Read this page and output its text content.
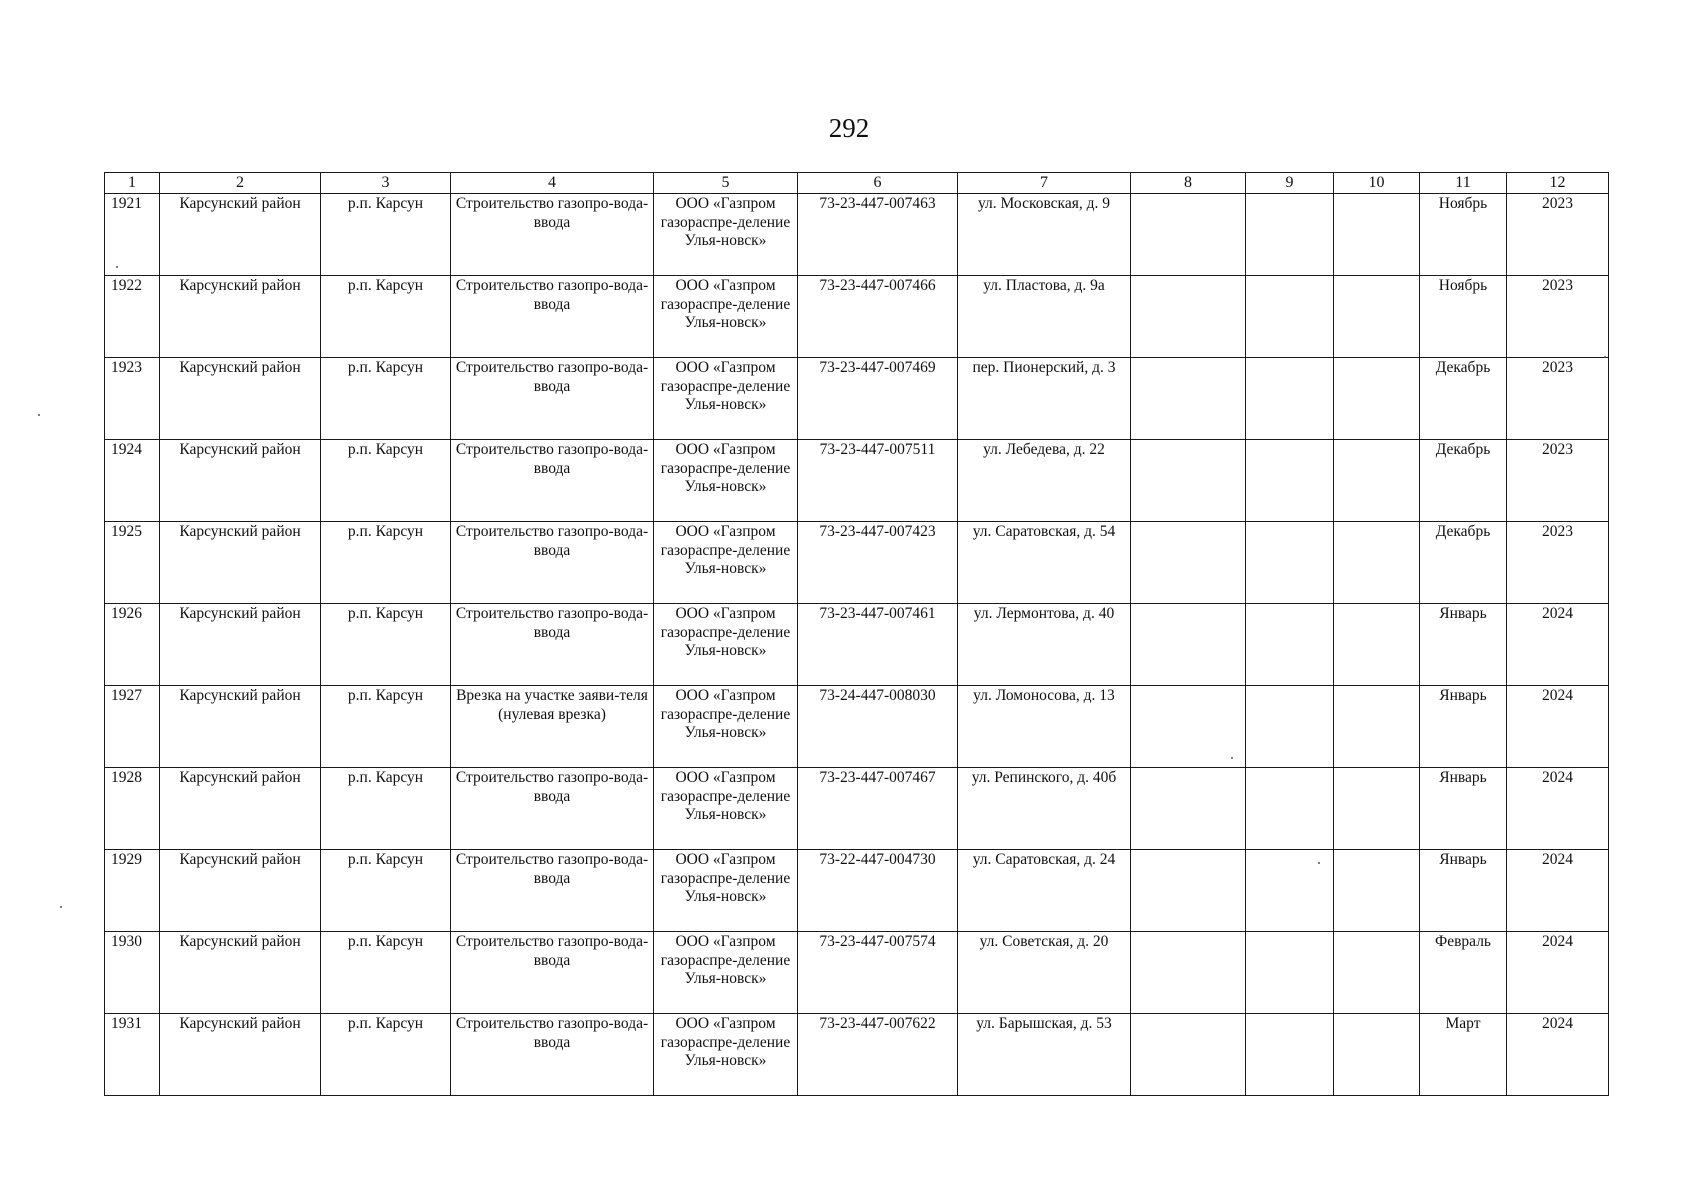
292
1	2	3	4	5	6	7	8	9	10	11	12
1921	Карсунский район	р.п. Карсун	Строительство газопро-вода-ввода	ООО «Газпром газораспре-деление Улья-новск»	73-23-447-007463	ул. Московская, д. 9				Ноябрь	2023
1922	Карсунский район	р.п. Карсун	Строительство газопро-вода-ввода	ООО «Газпром газораспре-деление Улья-новск»	73-23-447-007466	ул. Пластова, д. 9а				Ноябрь	2023
1923	Карсунский район	р.п. Карсун	Строительство газопро-вода-ввода	ООО «Газпром газораспре-деление Улья-новск»	73-23-447-007469	пер. Пионерский, д. 3				Декабрь	2023
1924	Карсунский район	р.п. Карсун	Строительство газопро-вода-ввода	ООО «Газпром газораспре-деление Улья-новск»	73-23-447-007511	ул. Лебедева, д. 22				Декабрь	2023
1925	Карсунский район	р.п. Карсун	Строительство газопро-вода-ввода	ООО «Газпром газораспре-деление Улья-новск»	73-23-447-007423	ул. Саратовская, д. 54				Декабрь	2023
1926	Карсунский район	р.п. Карсун	Строительство газопро-вода-ввода	ООО «Газпром газораспре-деление Улья-новск»	73-23-447-007461	ул. Лермонтова, д. 40				Январь	2024
1927	Карсунский район	р.п. Карсун	Врезка на участке заяви-теля (нулевая врезка)	ООО «Газпром газораспре-деление Улья-новск»	73-24-447-008030	ул. Ломоносова, д. 13				Январь	2024
1928	Карсунский район	р.п. Карсун	Строительство газопро-вода-ввода	ООО «Газпром газораспре-деление Улья-новск»	73-23-447-007467	ул. Репинского, д. 40б				Январь	2024
1929	Карсунский район	р.п. Карсун	Строительство газопро-вода-ввода	ООО «Газпром газораспре-деление Улья-новск»	73-22-447-004730	ул. Саратовская, д. 24				Январь	2024
1930	Карсунский район	р.п. Карсун	Строительство газопро-вода-ввода	ООО «Газпром газораспре-деление Улья-новск»	73-23-447-007574	ул. Советская, д. 20				Февраль	2024
1931	Карсунский район	р.п. Карсун	Строительство газопро-вода-ввода	ООО «Газпром газораспре-деление Улья-новск»	73-23-447-007622	ул. Барышская, д. 53				Март	2024
